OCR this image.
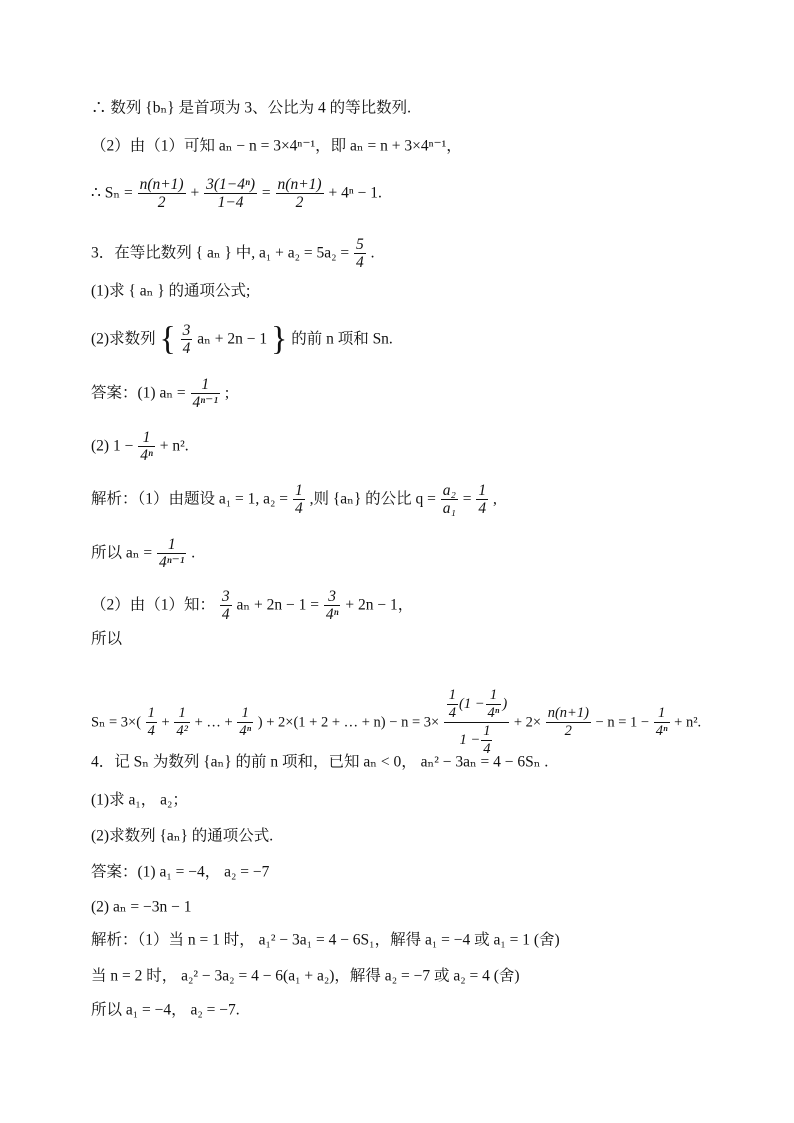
∴ 数列 {bₙ} 是首项为 3、公比为 4 的等比数列.
（2）由（1）可知 aₙ − n = 3×4ⁿ⁻¹，即 aₙ = n + 3×4ⁿ⁻¹，
∴ $S_n = \frac{n(n+1)}{2} + \frac{\text{3(1−4ⁿ)}}{1-4} = \frac{n(n+1)}{2} + 4^n - 1$.
3．在等比数列 { aₙ } 中, $a_1 + a_2 = 5a_2 = \frac{5}{4}$ .
(1)求 { aₙ } 的通项公式;
(2)求数列 { $\frac{3}{4}$ aₙ + 2n − 1 } 的前 n 项和 Sn.
答案：(1) $a_n = \frac{1}{\text{4ⁿ⁻¹}}$ ;
(2) $1 - \frac{1}{\text{4ⁿ}} + n^2$.
解析：（1）由题设 a₁ = 1, $a_2 = \frac{1}{4}$ ,则 {aₙ} 的公比 $q = \frac{\text{a₂}}{\text{a₁}} = \frac{1}{4}$ ,
所以 $a_n = \frac{1}{\text{4ⁿ⁻¹}}$ .
（2）由（1）知： $\frac{3}{4}$ $a_n + 2n - 1 = \frac{3}{\text{4ⁿ}} + 2n - 1$，
所以
$S_n = 3\times( \frac{1}{4} + \frac{1}{\text{4²}}$ + … + $\frac{1}{\text{4ⁿ}}$ ) + 2×(1 + 2 + … + $n) - n = 3\times \frac{\frac{1}{4} (1 - \frac{1}{\text{4ⁿ}} )}{1 - \frac{1}{4}} + 2\times \frac{n(n+1)}{2} - n = 1 - \frac{1}{\text{4ⁿ}} + n^2$.
4．记 Sₙ 为数列 {aₙ} 的前 n 项和，已知 aₙ < 0， aₙ² − 3aₙ = 4 − 6Sₙ .
(1)求 a₁， a₂；
(2)求数列 {aₙ} 的通项公式.
答案：(1) a₁ = −4， a₂ = −7
(2) aₙ = −3n − 1
解析：（1）当 n = 1 时， a₁² − 3a₁ = 4 − 6S₁，解得 a₁ = −4 或 a₁ = 1 (舍)
当 n = 2 时， a₂² − 3a₂ = 4 − 6(a₁ + a₂)，解得 a₂ = −7 或 a₂ = 4 (舍)
所以 a₁ = −4， a₂ = −7.
